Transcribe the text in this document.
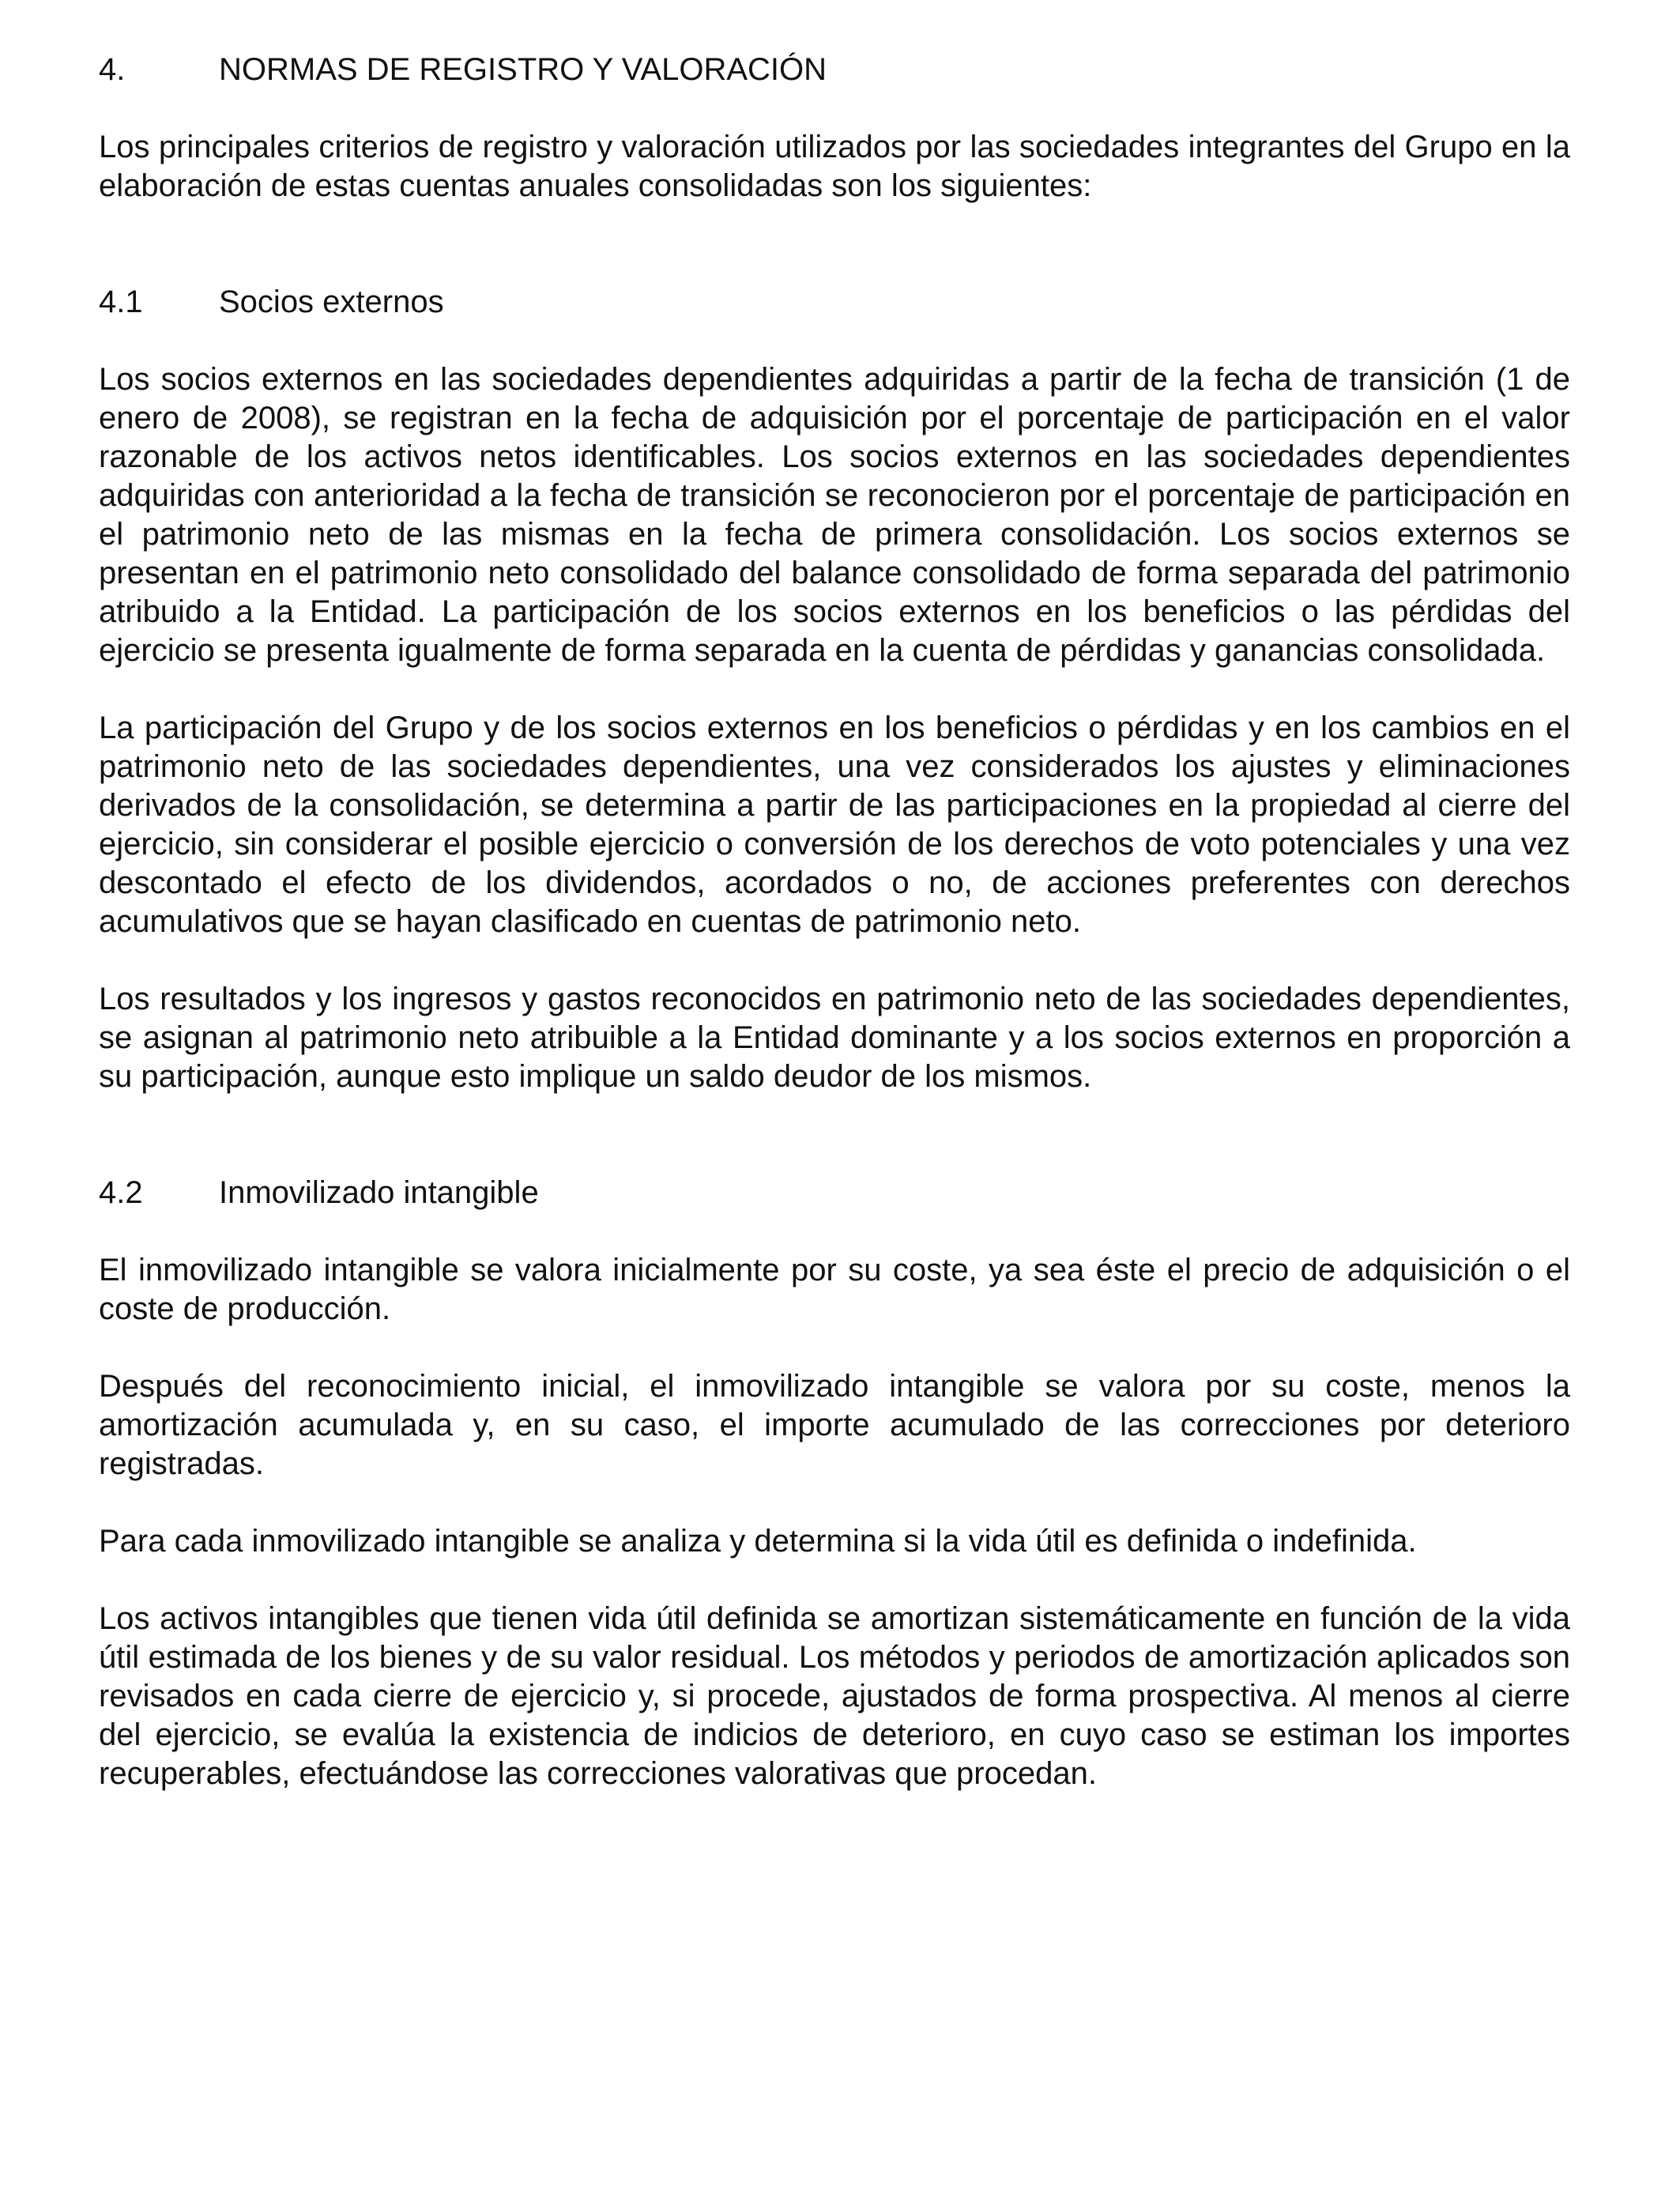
4.	NORMAS DE REGISTRO Y VALORACIÓN

Los principales criterios de registro y valoración utilizados por las sociedades integrantes del Grupo en la elaboración de estas cuentas anuales consolidadas son los siguientes:

4.1	Socios externos

Los socios externos en las sociedades dependientes adquiridas a partir de la fecha de transición (1 de enero de 2008), se registran en la fecha de adquisición por el porcentaje de participación en el valor razonable de los activos netos identificables. Los socios externos en las sociedades dependientes adquiridas con anterioridad a la fecha de transición se reconocieron por el porcentaje de participación en el patrimonio neto de las mismas en la fecha de primera consolidación. Los socios externos se presentan en el patrimonio neto consolidado del balance consolidado de forma separada del patrimonio atribuido a la Entidad. La participación de los socios externos en los beneficios o las pérdidas del ejercicio se presenta igualmente de forma separada en la cuenta de pérdidas y ganancias consolidada.

La participación del Grupo y de los socios externos en los beneficios o pérdidas y en los cambios en el patrimonio neto de las sociedades dependientes, una vez considerados los ajustes y eliminaciones derivados de la consolidación, se determina a partir de las participaciones en la propiedad al cierre del ejercicio, sin considerar el posible ejercicio o conversión de los derechos de voto potenciales y una vez descontado el efecto de los dividendos, acordados o no, de acciones preferentes con derechos acumulativos que se hayan clasificado en cuentas de patrimonio neto.

Los resultados y los ingresos y gastos reconocidos en patrimonio neto de las sociedades dependientes, se asignan al patrimonio neto atribuible a la Entidad dominante y a los socios externos en proporción a su participación, aunque esto implique un saldo deudor de los mismos.

4.2	Inmovilizado intangible

El inmovilizado intangible se valora inicialmente por su coste, ya sea éste el precio de adquisición o el coste de producción.

Después del reconocimiento inicial, el inmovilizado intangible se valora por su coste, menos la amortización acumulada y, en su caso, el importe acumulado de las correcciones por deterioro registradas.

Para cada inmovilizado intangible se analiza y determina si la vida útil es definida o indefinida.

Los activos intangibles que tienen vida útil definida se amortizan sistemáticamente en función de la vida útil estimada de los bienes y de su valor residual. Los métodos y periodos de amortización aplicados son revisados en cada cierre de ejercicio y, si procede, ajustados de forma prospectiva. Al menos al cierre del ejercicio, se evalúa la existencia de indicios de deterioro, en cuyo caso se estiman los importes recuperables, efectuándose las correcciones valorativas que procedan.
